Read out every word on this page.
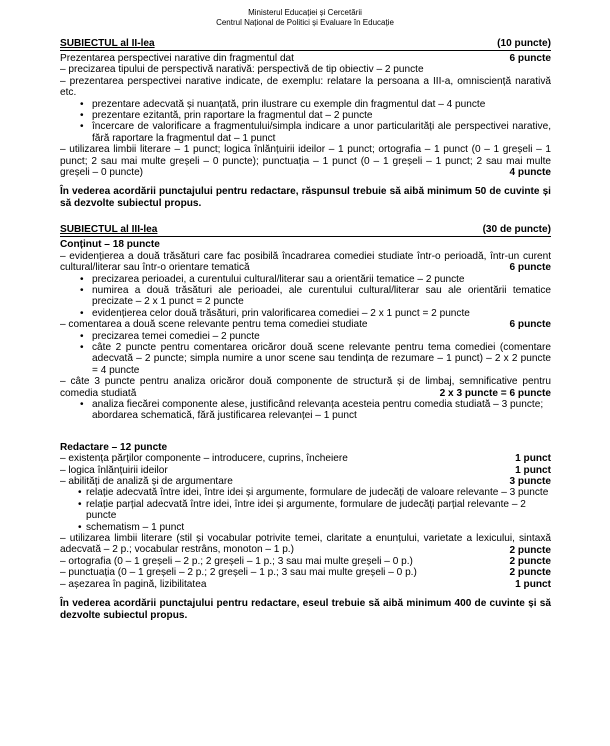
Ministerul Educației și Cercetării
Centrul Național de Politici și Evaluare în Educație
SUBIECTUL al II-lea	(10 puncte)
Prezentarea perspectivei narative din fragmentul dat	6 puncte
– precizarea tipului de perspectivă narativă: perspectivă de tip obiectiv – 2 puncte
– prezentarea perspectivei narative indicate, de exemplu: relatare la persoana a III-a, omnisciență narativă etc.
• prezentare adecvată și nuanțată, prin ilustrare cu exemple din fragmentul dat – 4 puncte
• prezentare ezitantă, prin raportare la fragmentul dat – 2 puncte
• încercare de valorificare a fragmentului/simpla indicare a unor particularități ale perspectivei narative, fără raportare la fragmentul dat – 1 punct
– utilizarea limbii literare – 1 punct; logica înlănțuirii ideilor – 1 punct; ortografia – 1 punct (0 – 1 greșeli – 1 punct; 2 sau mai multe greșeli – 0 puncte); punctuația – 1 punct (0 – 1 greșeli – 1 punct; 2 sau mai multe greșeli – 0 puncte)	4 puncte
În vederea acordării punctajului pentru redactare, răspunsul trebuie să aibă minimum 50 de cuvinte și să dezvolte subiectul propus.
SUBIECTUL al III-lea	(30 de puncte)
Conținut – 18 puncte
– evidențierea a două trăsături care fac posibilă încadrarea comediei studiate într-o perioadă, într-un curent cultural/literar sau într-o orientare tematică	6 puncte
• precizarea perioadei, a curentului cultural/literar sau a orientării tematice – 2 puncte
• numirea a două trăsături ale perioadei, ale curentului cultural/literar sau ale orientării tematice precizate – 2 x 1 punct = 2 puncte
• evidențierea celor două trăsături, prin valorificarea comediei – 2 x 1 punct = 2 puncte
– comentarea a două scene relevante pentru tema comediei studiate	6 puncte
• precizarea temei comediei – 2 puncte
• câte 2 puncte pentru comentarea oricăror două scene relevante pentru tema comediei (comentare adecvată – 2 puncte; simpla numire a unor scene sau tendința de rezumare – 1 punct) – 2 x 2 puncte = 4 puncte
– câte 3 puncte pentru analiza oricăror două componente de structură și de limbaj, semnificative pentru comedia studiată	2 x 3 puncte = 6 puncte
• analiza fiecărei componente alese, justificând relevanța acesteia pentru comedia studiată – 3 puncte; abordarea schematică, fără justificarea relevanței – 1 punct
Redactare – 12 puncte
– existența părților componente – introducere, cuprins, încheiere	1 punct
– logica înlănțuirii ideilor	1 punct
– abilități de analiză și de argumentare	3 puncte
• relație adecvată între idei, între idei și argumente, formulare de judecăți de valoare relevante – 3 puncte
• relație parțial adecvată între idei, între idei și argumente, formulare de judecăți parțial relevante – 2 puncte
• schematism – 1 punct
– utilizarea limbii literare (stil și vocabular potrivite temei, claritate a enunțului, varietate a lexicului, sintaxă adecvată – 2 p.; vocabular restrâns, monoton – 1 p.)	2 puncte
– ortografia (0 – 1 greșeli – 2 p.; 2 greșeli – 1 p.; 3 sau mai multe greșeli – 0 p.)	2 puncte
– punctuația (0 – 1 greșeli – 2 p.; 2 greșeli – 1 p.; 3 sau mai multe greșeli – 0 p.)	2 puncte
– așezarea în pagină, lizibilitatea	1 punct
În vederea acordării punctajului pentru redactare, eseul trebuie să aibă minimum 400 de cuvinte și să dezvolte subiectul propus.
